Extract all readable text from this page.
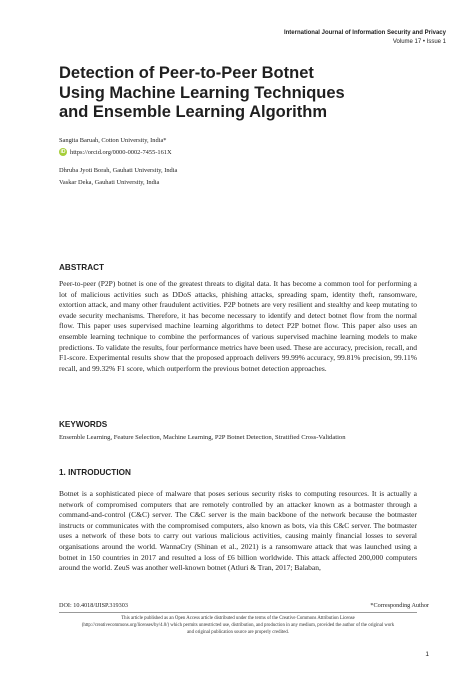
International Journal of Information Security and Privacy
Volume 17 • Issue 1
Detection of Peer-to-Peer Botnet
Using Machine Learning Techniques
and Ensemble Learning Algorithm
Sangita Baruah, Cotton University, India*
iD https://orcid.org/0000-0002-7455-161X
Dhruba Jyoti Borah, Gauhati University, India
Vaskar Deka, Gauhati University, India
ABSTRACT
Peer-to-peer (P2P) botnet is one of the greatest threats to digital data. It has become a common tool for performing a lot of malicious activities such as DDoS attacks, phishing attacks, spreading spam, identity theft, ransomware, extortion attack, and many other fraudulent activities. P2P botnets are very resilient and stealthy and keep mutating to evade security mechanisms. Therefore, it has become necessary to identify and detect botnet flow from the normal flow. This paper uses supervised machine learning algorithms to detect P2P botnet flow. This paper also uses an ensemble learning technique to combine the performances of various supervised machine learning models to make predictions. To validate the results, four performance metrics have been used. These are accuracy, precision, recall, and F1-score. Experimental results show that the proposed approach delivers 99.99% accuracy, 99.81% precision, 99.11% recall, and 99.32% F1 score, which outperform the previous botnet detection approaches.
KEYWORDS
Ensemble Learning, Feature Selection, Machine Learning, P2P Botnet Detection, Stratified Cross-Validation
1. INTRODUCTION
Botnet is a sophisticated piece of malware that poses serious security risks to computing resources. It is actually a network of compromised computers that are remotely controlled by an attacker known as a botmaster through a command-and-control (C&C) server. The C&C server is the main backbone of the network because the botmaster instructs or communicates with the compromised computers, also known as bots, via this C&C server. The botmaster uses a network of these bots to carry out various malicious activities, causing mainly financial losses to several organisations around the world. WannaCry (Shinan et al., 2021) is a ransomware attack that was launched using a botnet in 150 countries in 2017 and resulted a loss of £6 billion worldwide. This attack affected 200,000 computers around the world. ZeuS was another well-known botnet (Atluri & Tran, 2017; Balaban,
DOI: 10.4018/IJISP.319303	*Corresponding Author
This article published as an Open Access article distributed under the terms of the Creative Commons Attribution License (http://creativecommons.org/licenses/by/4.0/) which permits unrestricted use, distribution, and production in any medium, provided the author of the original work and original publication source are properly credited.
1
